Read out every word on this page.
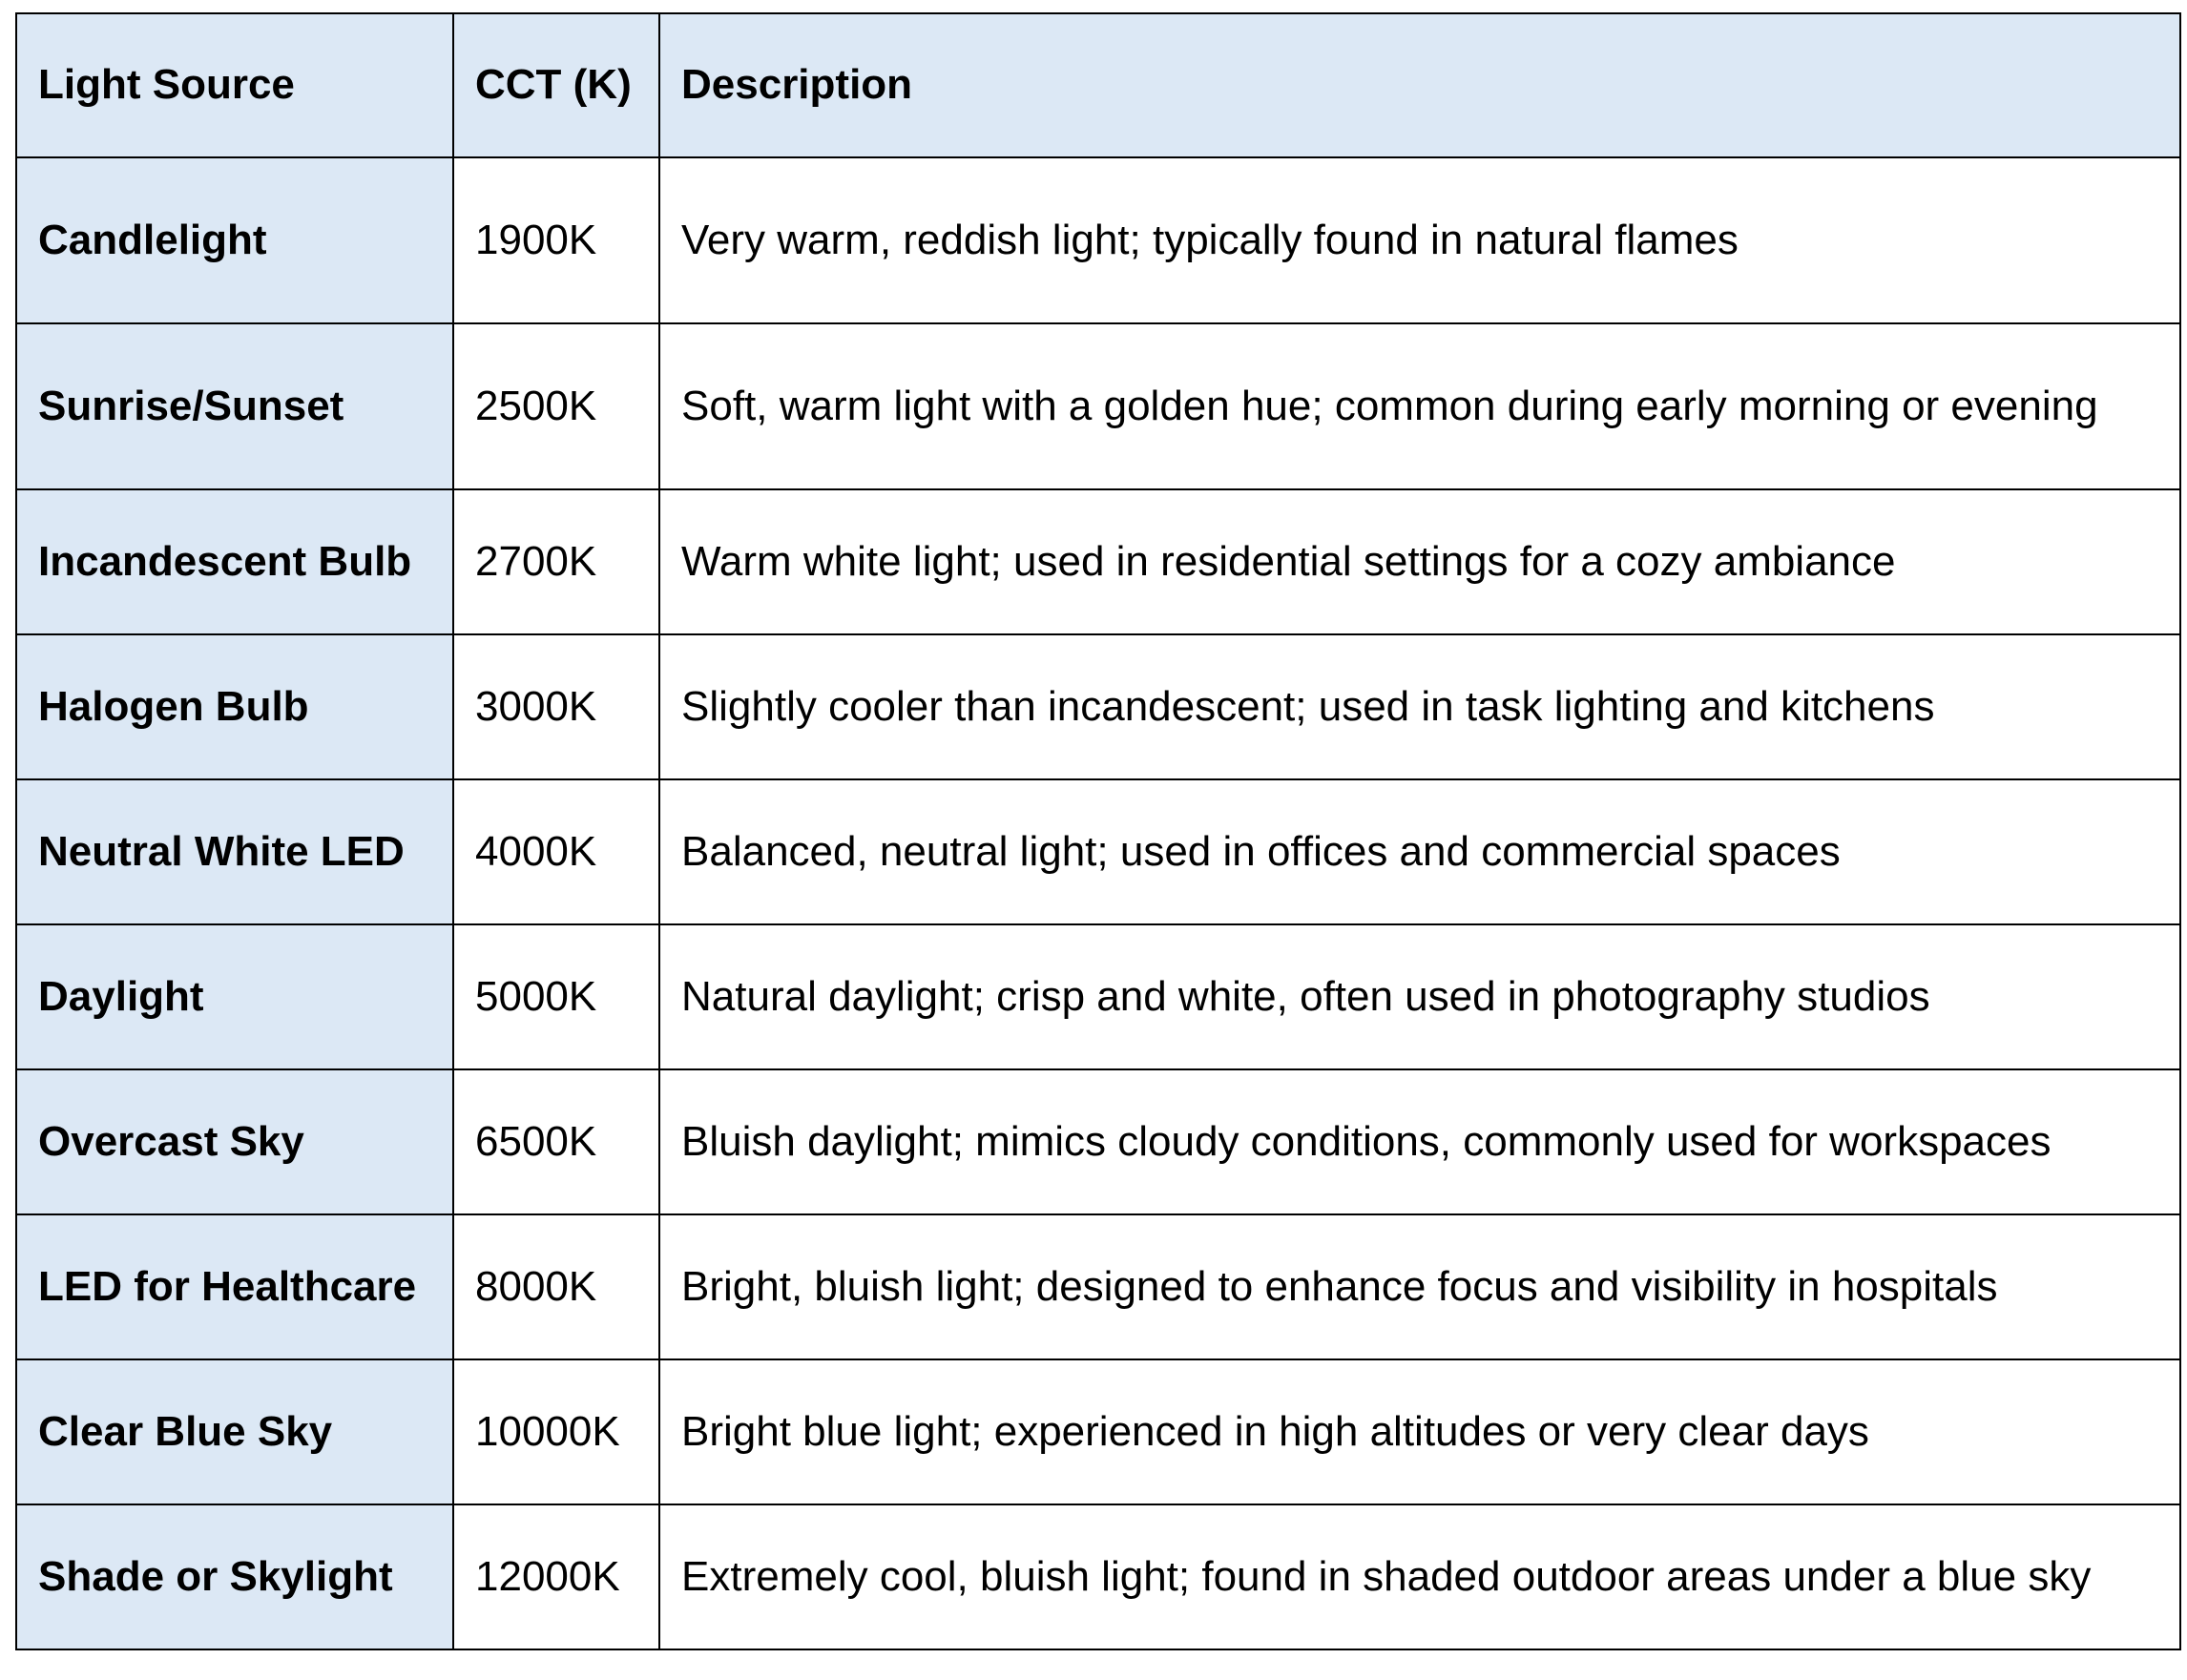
Light Source	CCT (K)	Description
Candlelight	1900K	Very warm, reddish light; typically found in natural flames
Sunrise/Sunset	2500K	Soft, warm light with a golden hue; common during early morning or evening
Incandescent Bulb	2700K	Warm white light; used in residential settings for a cozy ambiance
Halogen Bulb	3000K	Slightly cooler than incandescent; used in task lighting and kitchens
Neutral White LED	4000K	Balanced, neutral light; used in offices and commercial spaces
Daylight	5000K	Natural daylight; crisp and white, often used in photography studios
Overcast Sky	6500K	Bluish daylight; mimics cloudy conditions, commonly used for workspaces
LED for Healthcare	8000K	Bright, bluish light; designed to enhance focus and visibility in hospitals
Clear Blue Sky	10000K	Bright blue light; experienced in high altitudes or very clear days
Shade or Skylight	12000K	Extremely cool, bluish light; found in shaded outdoor areas under a blue sky
